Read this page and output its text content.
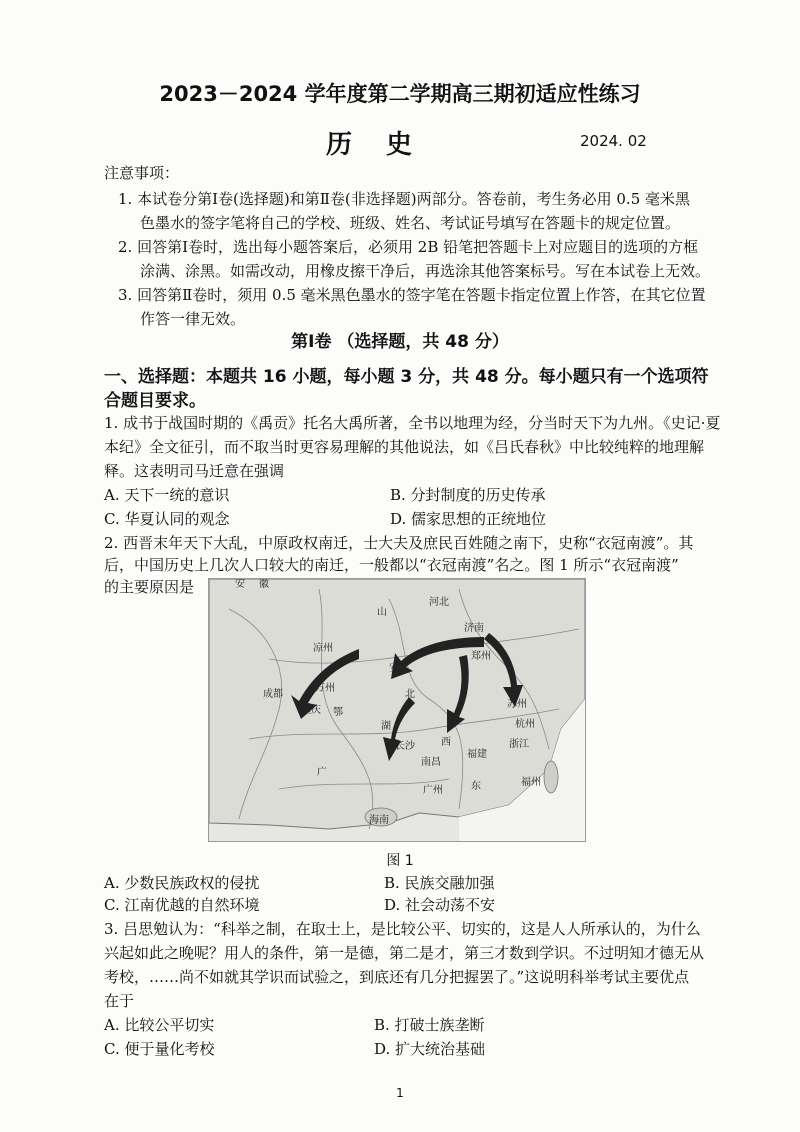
2023－2024 学年度第二学期高三期初适应性练习
历史	2024. 02
注意事项：
1. 本试卷分第Ⅰ卷(选择题)和第Ⅱ卷(非选择题)两部分。答卷前，考生务必用 0.5 毫米黑
色墨水的签字笔将自己的学校、班级、姓名、考试证号填写在答题卡的规定位置。
2. 回答第Ⅰ卷时，选出每小题答案后，必须用 2B 铅笔把答题卡上对应题目的选项的方框
涂满、涂黑。如需改动，用橡皮擦干净后，再选涂其他答案标号。写在本试卷上无效。
3. 回答第Ⅱ卷时，须用 0.5 毫米黑色墨水的签字笔在答题卡指定位置上作答，在其它位置
作答一律无效。
第Ⅰ卷 （选择题，共 48 分）
一、选择题：本题共 16 小题，每小题 3 分，共 48 分。每小题只有一个选项符
合题目要求。
1. 成书于战国时期的《禹贡》托名大禹所著，全书以地理为经，分当时天下为九州。《史记·夏
本纪》全文征引，而不取当时更容易理解的其他说法，如《吕氏春秋》中比较纯粹的地理解
释。这表明司马迁意在强调
A. 天下一统的意识	B. 分封制度的历史传承
C. 华夏认同的观念	D. 儒家思想的正统地位
2. 西晋末年天下大乱，中原政权南迁，士大夫及庶民百姓随之南下，史称“衣冠南渡”。其
后，中国历史上几次人口较大的南迁，一般都以“衣冠南渡”名之。图 1 所示“衣冠南渡”
的主要原因是	安 徽
山
河北
济南
凉州
郑州
成都
万州
安
北
重庆 鄂
湖
长沙
苏州
西
南昌
福建
杭州
浙江
广
广州	东	福州
海南
图 1
A. 少数民族政权的侵扰	B. 民族交融加强
C. 江南优越的自然环境	D. 社会动荡不安
3. 吕思勉认为：“科举之制，在取士上，是比较公平、切实的，这是人人所承认的，为什么
兴起如此之晚呢？用人的条件，第一是德，第二是才，第三才数到学识。不过明知才德无从
考校，……尚不如就其学识而试验之，到底还有几分把握罢了。”这说明科举考试主要优点
在于
A. 比较公平切实	B. 打破士族垄断
C. 便于量化考校	D. 扩大统治基础
1
